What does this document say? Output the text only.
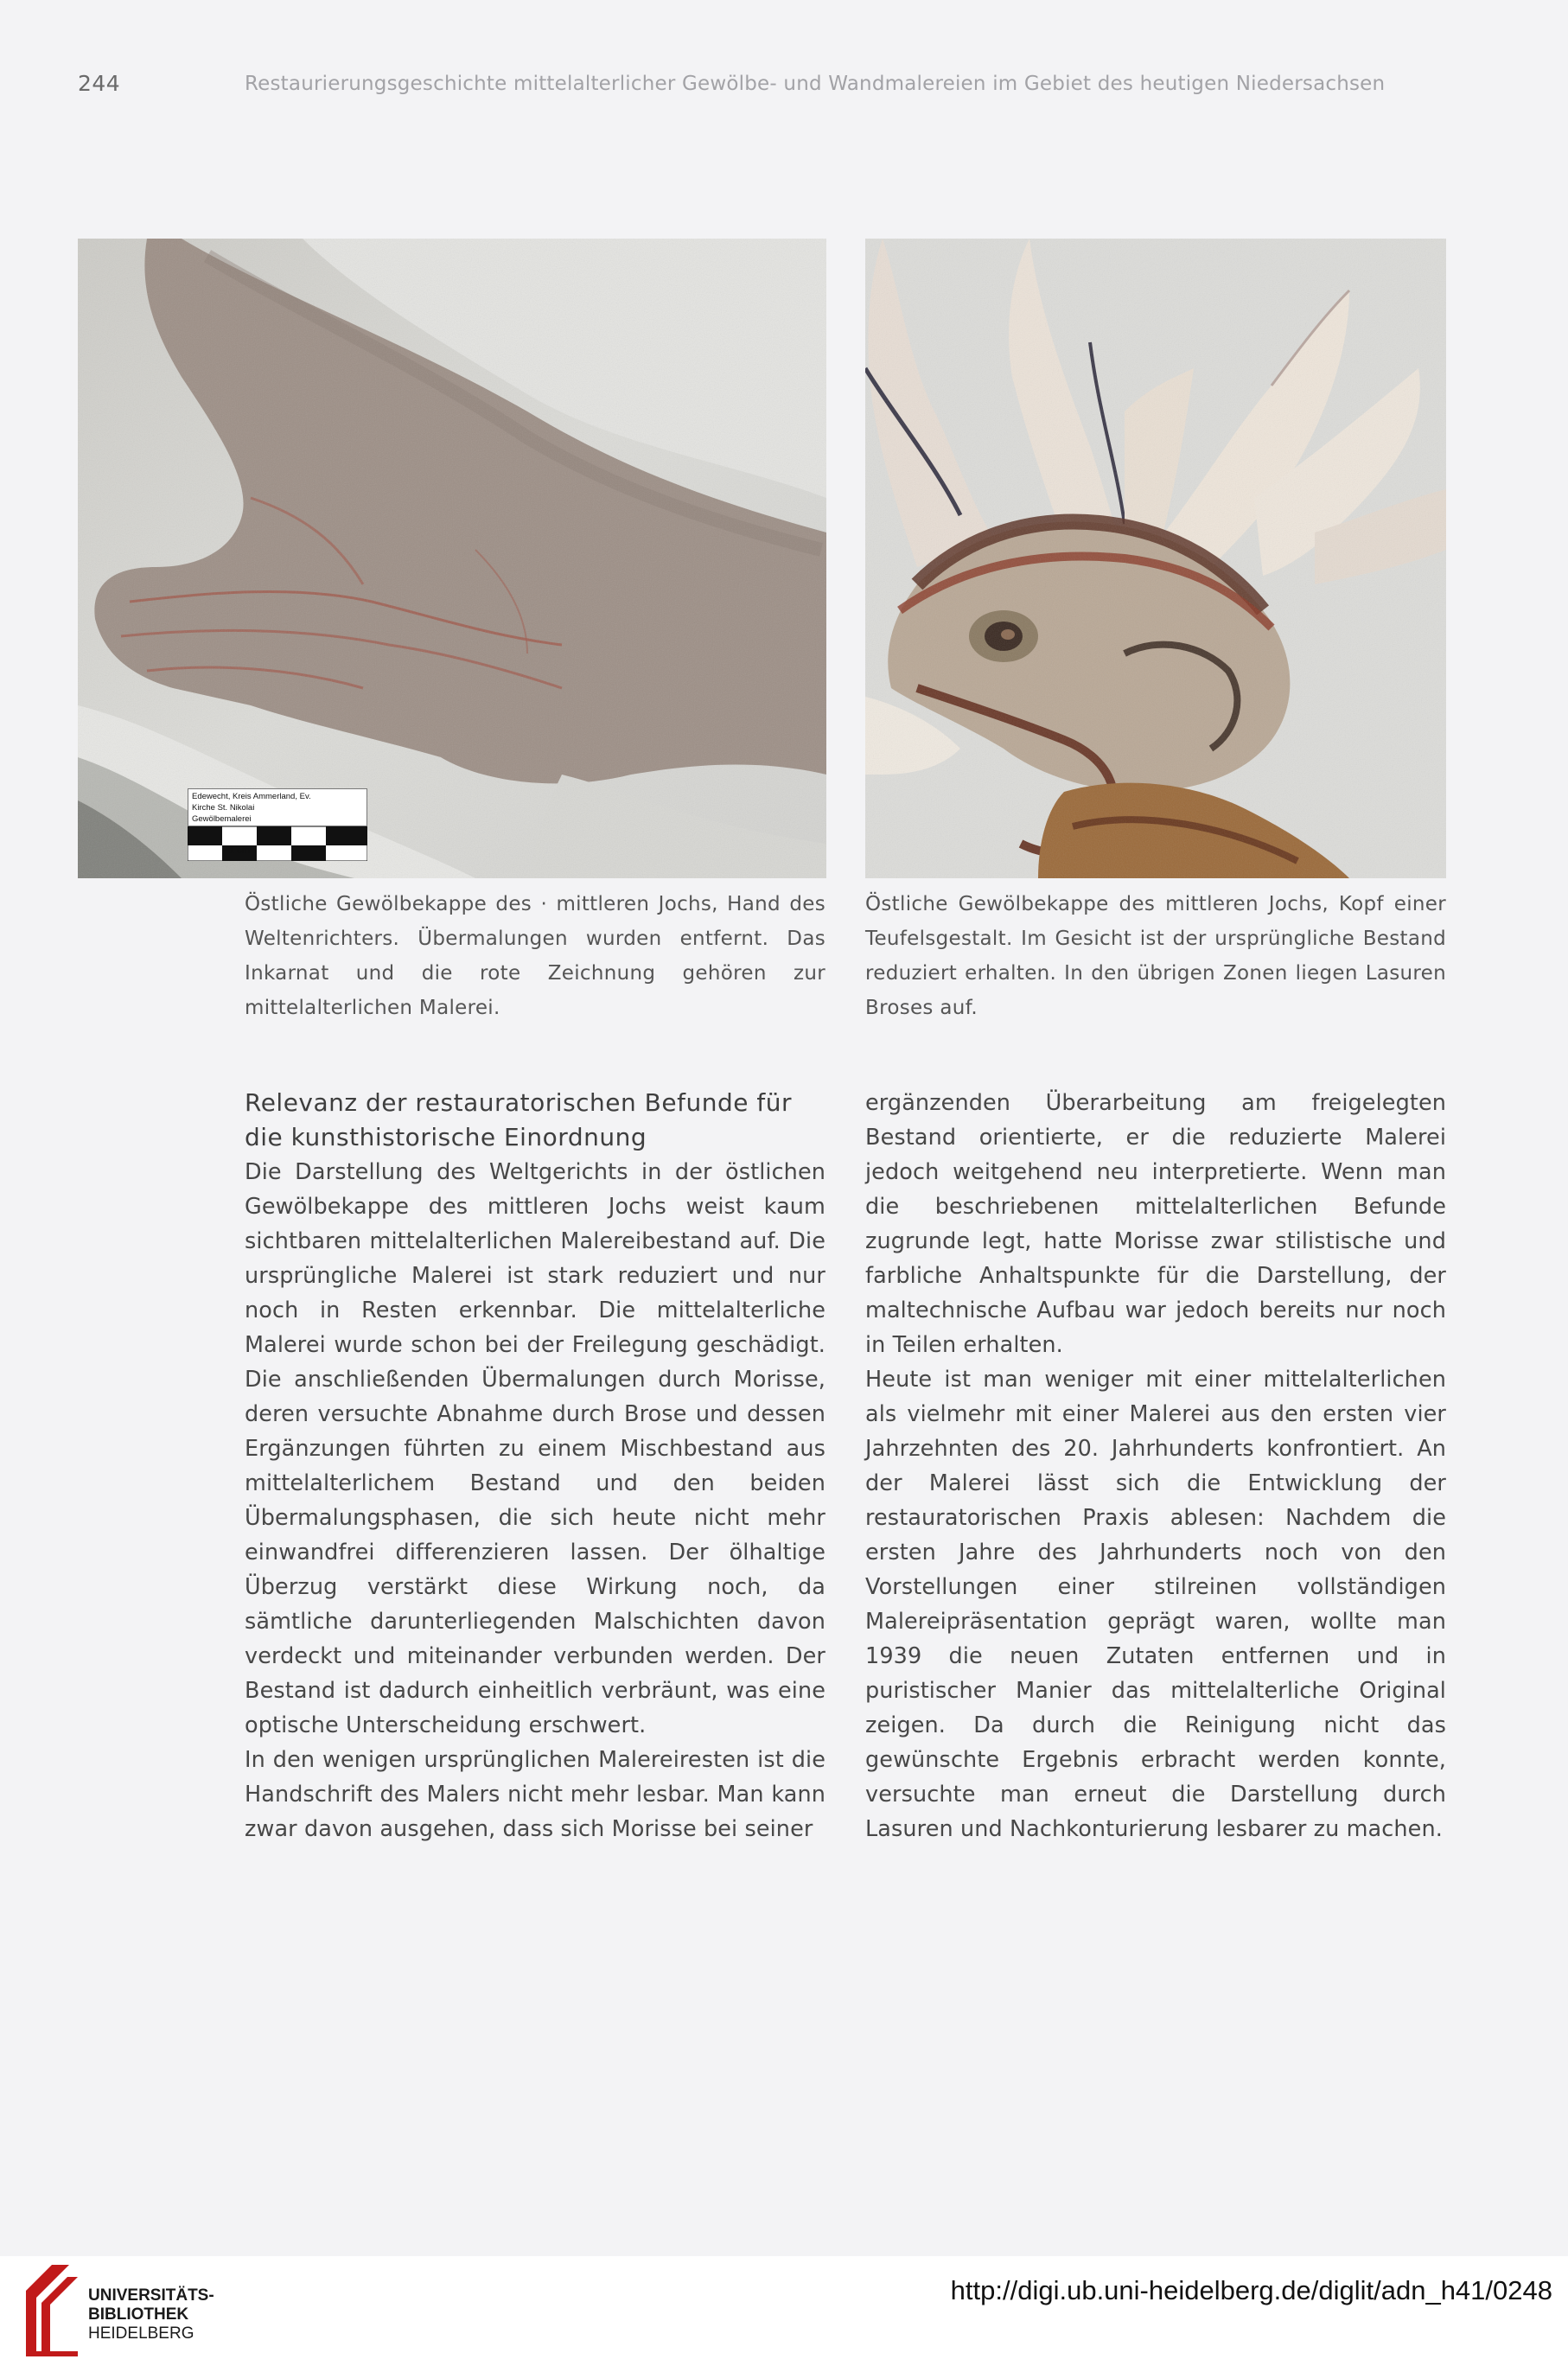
244	Restaurierungsgeschichte mittelalterlicher Gewölbe- und Wandmalereien im Gebiet des heutigen Niedersachsen
Edewecht, Kreis Ammerland, Ev.
Kirche St. Nikolai
Gewölbemalerei
1 cm
Östliche Gewölbekappe des · mittleren Jochs, Hand des Weltenrichters. Übermalungen wurden entfernt. Das Inkarnat und die rote Zeichnung gehören zur mittelalterlichen Malerei.
Östliche Gewölbekappe des mittleren Jochs, Kopf einer Teufelsgestalt. Im Gesicht ist der ursprüngliche Bestand reduziert erhalten. In den übrigen Zonen liegen Lasuren Broses auf.
Relevanz der restauratorischen Befunde für die kunsthistorische Einordnung

Die Darstellung des Weltgerichts in der östlichen Gewölbekappe des mittleren Jochs weist kaum sichtbaren mittelalterlichen Malereibestand auf. Die ursprüngliche Malerei ist stark reduziert und nur noch in Resten erkennbar. Die mittelalterliche Malerei wurde schon bei der Freilegung geschädigt. Die anschließenden Übermalungen durch Morisse, deren versuchte Abnahme durch Brose und dessen Ergänzungen führten zu einem Mischbestand aus mittelalterlichem Bestand und den beiden Übermalungsphasen, die sich heute nicht mehr einwandfrei differenzieren lassen. Der ölhaltige Überzug verstärkt diese Wirkung noch, da sämtliche darunterliegenden Malschichten davon verdeckt und miteinander verbunden werden. Der Bestand ist dadurch einheitlich verbräunt, was eine optische Unterscheidung erschwert.

In den wenigen ursprünglichen Malereiresten ist die Handschrift des Malers nicht mehr lesbar. Man kann zwar davon ausgehen, dass sich Morisse bei seiner

ergänzenden Überarbeitung am freigelegten Bestand orientierte, er die reduzierte Malerei jedoch weitgehend neu interpretierte. Wenn man die beschriebenen mittelalterlichen Befunde zugrunde legt, hatte Morisse zwar stilistische und farbliche Anhaltspunkte für die Darstellung, der maltechnische Aufbau war jedoch bereits nur noch in Teilen erhalten.

Heute ist man weniger mit einer mittelalterlichen als vielmehr mit einer Malerei aus den ersten vier Jahrzehnten des 20. Jahrhunderts konfrontiert. An der Malerei lässt sich die Entwicklung der restauratorischen Praxis ablesen: Nachdem die ersten Jahre des Jahrhunderts noch von den Vorstellungen einer stilreinen vollständigen Malereipräsentation geprägt waren, wollte man 1939 die neuen Zutaten entfernen und in puristischer Manier das mittelalterliche Original zeigen. Da durch die Reinigung nicht das gewünschte Ergebnis erbracht werden konnte, versuchte man erneut die Darstellung durch Lasuren und Nachkonturierung lesbarer zu machen.

UNIVERSITÄTS-
BIBLIOTHEK
HEIDELBERG
http://digi.ub.uni-heidelberg.de/diglit/adn_h41/0248
